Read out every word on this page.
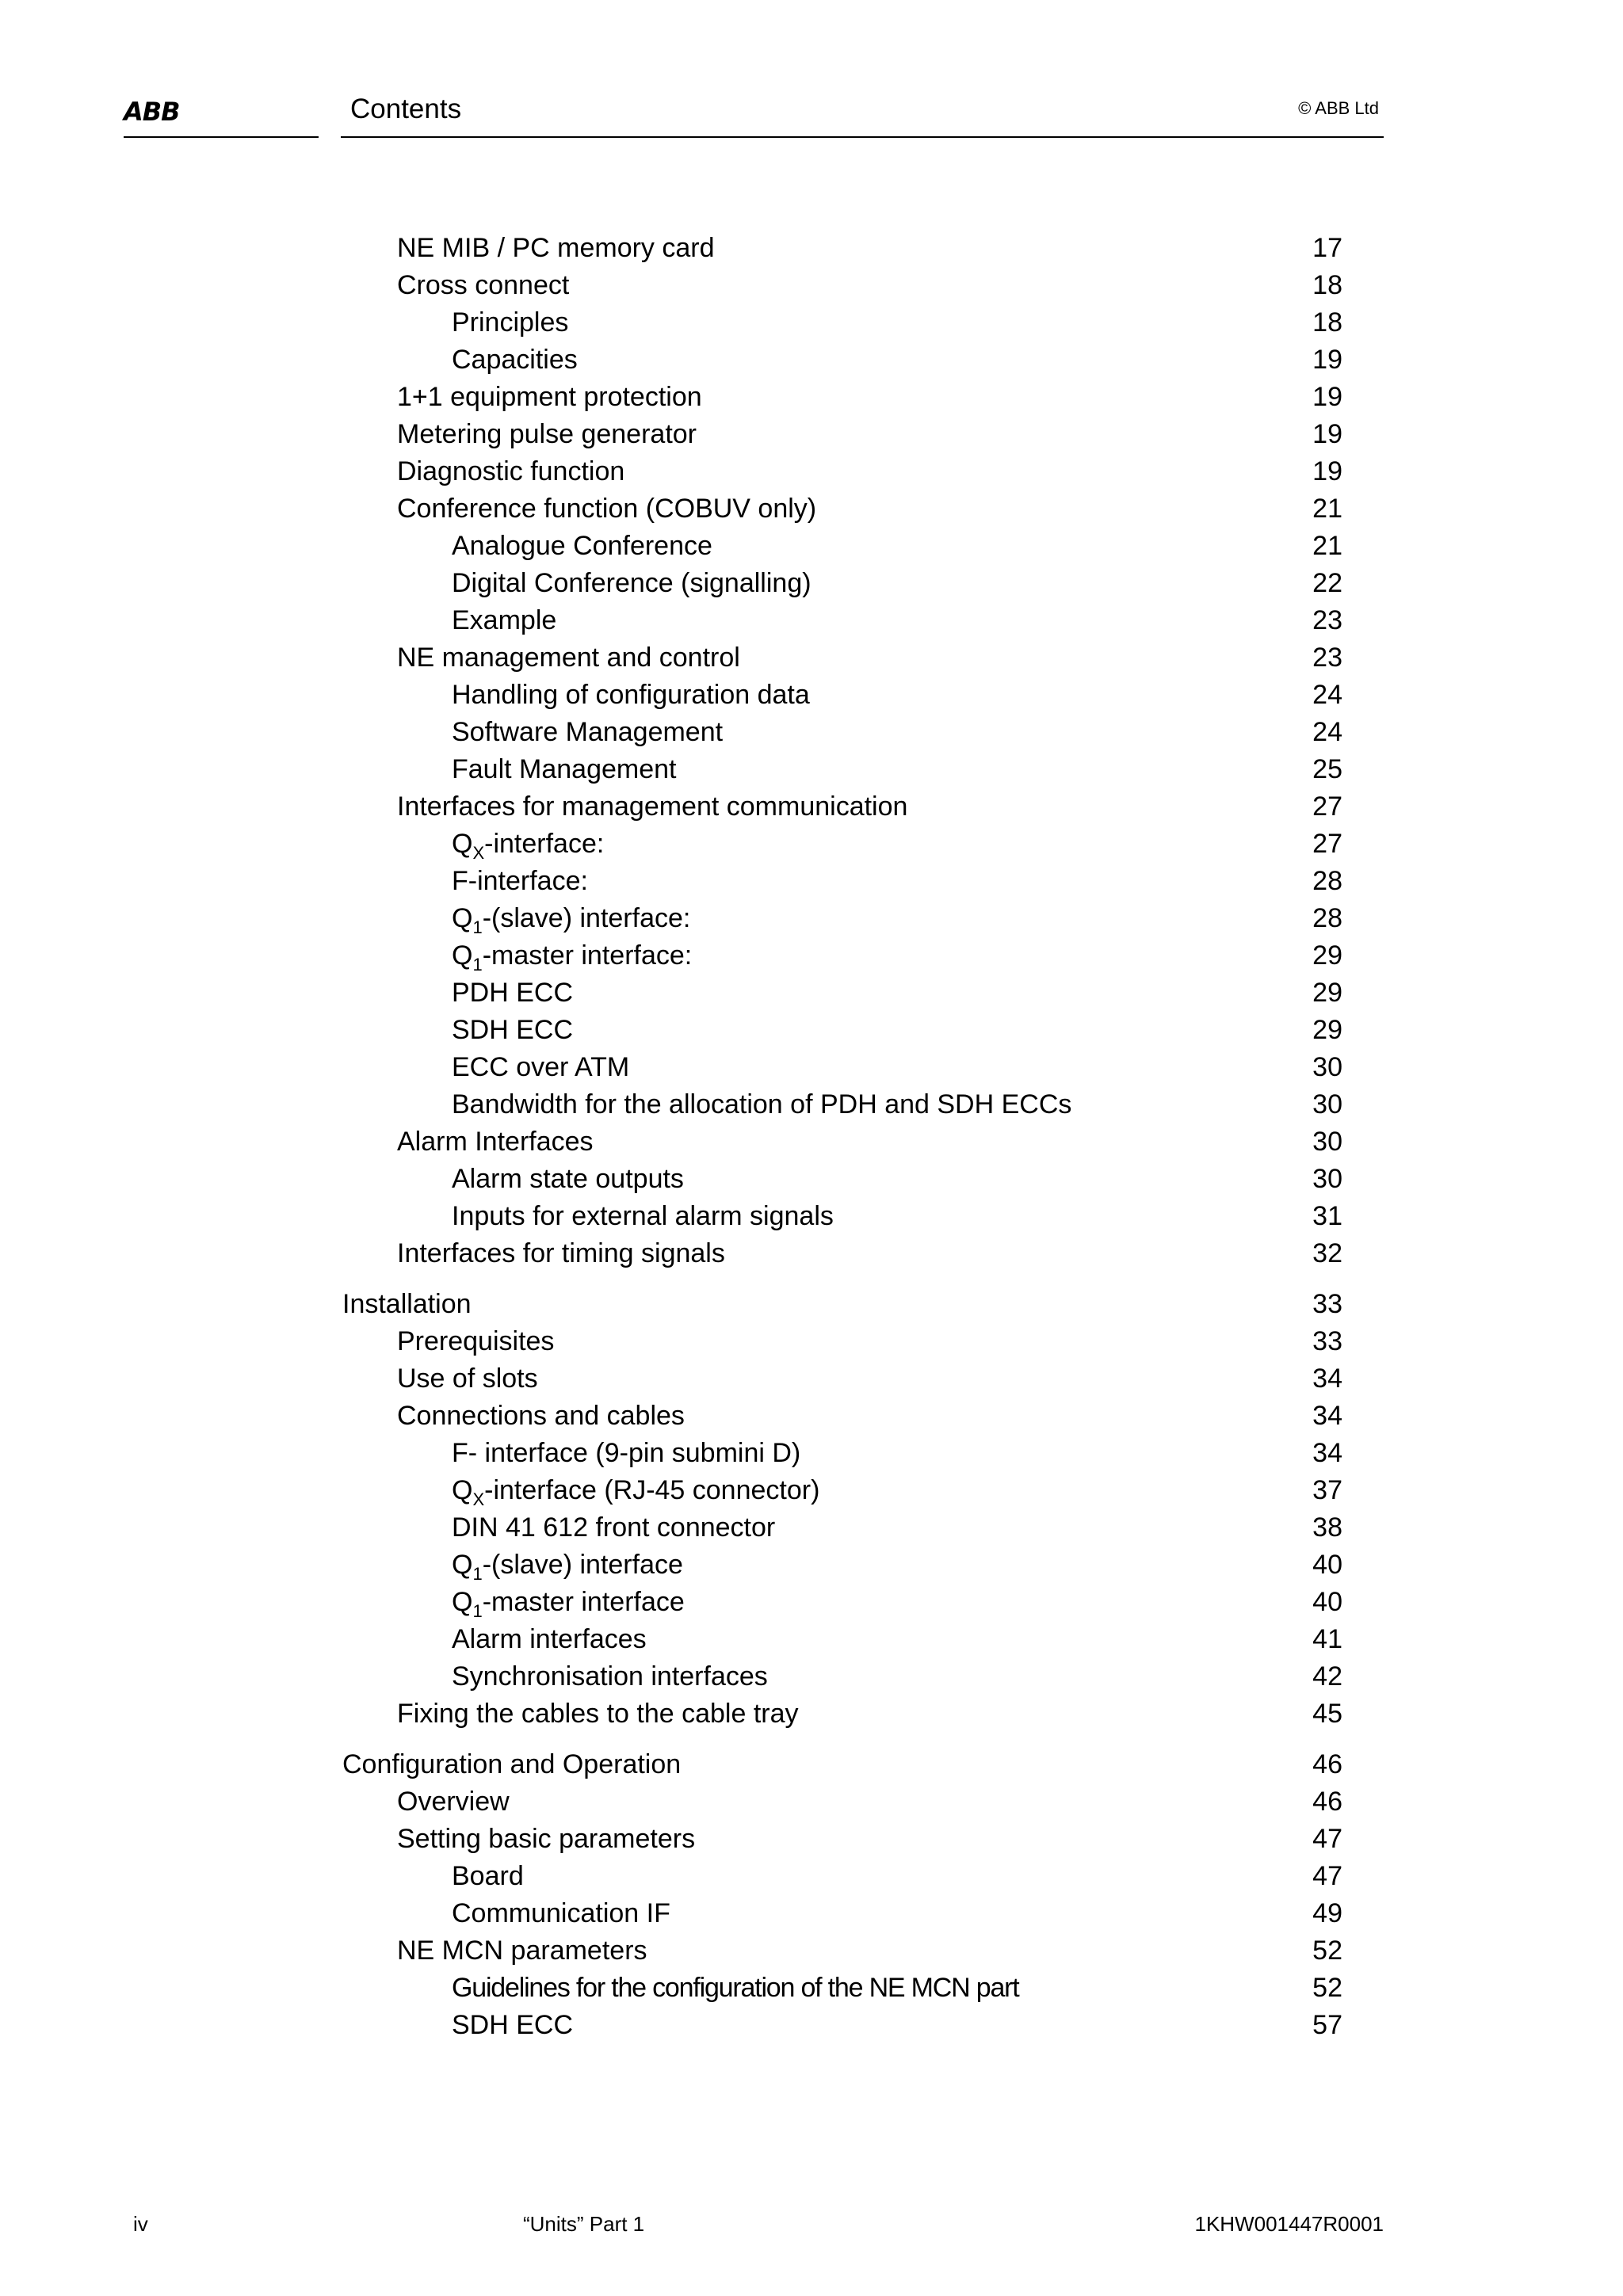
ABB	Contents	© ABB Ltd
NE MIB / PC memory card	17
Cross connect	18
Principles	18
Capacities	19
1+1 equipment protection	19
Metering pulse generator	19
Diagnostic function	19
Conference function (COBUV only)	21
Analogue Conference	21
Digital Conference (signalling)	22
Example	23
NE management and control	23
Handling of configuration data	24
Software Management	24
Fault Management	25
Interfaces for management communication	27
$Q_X$-interface:	27
F-interface:	28
$Q_1-(slave)$ interface:	28
$Q_1$-master interface:	29
PDH ECC	29
SDH ECC	29
ECC over ATM	30
Bandwidth for the allocation of PDH and SDH ECCs	30
Alarm Interfaces	30
Alarm state outputs	30
Inputs for external alarm signals	31
Interfaces for timing signals	32
Installation	33
Prerequisites	33
Use of slots	34
Connections and cables	34
F- interface (9-pin submini D)	34
$Q_X$-interface (RJ-45 connector)	37
DIN 41 612 front connector	38
$Q_1-(slave)$ interface	40
$Q_1$-master interface	40
Alarm interfaces	41
Synchronisation interfaces	42
Fixing the cables to the cable tray	45
Configuration and Operation	46
Overview	46
Setting basic parameters	47
Board	47
Communication IF	49
NE MCN parameters	52
Guidelines for the configuration of the NE MCN part	52
SDH ECC	57
iv	“Units” Part 1	1KHW001447R0001
